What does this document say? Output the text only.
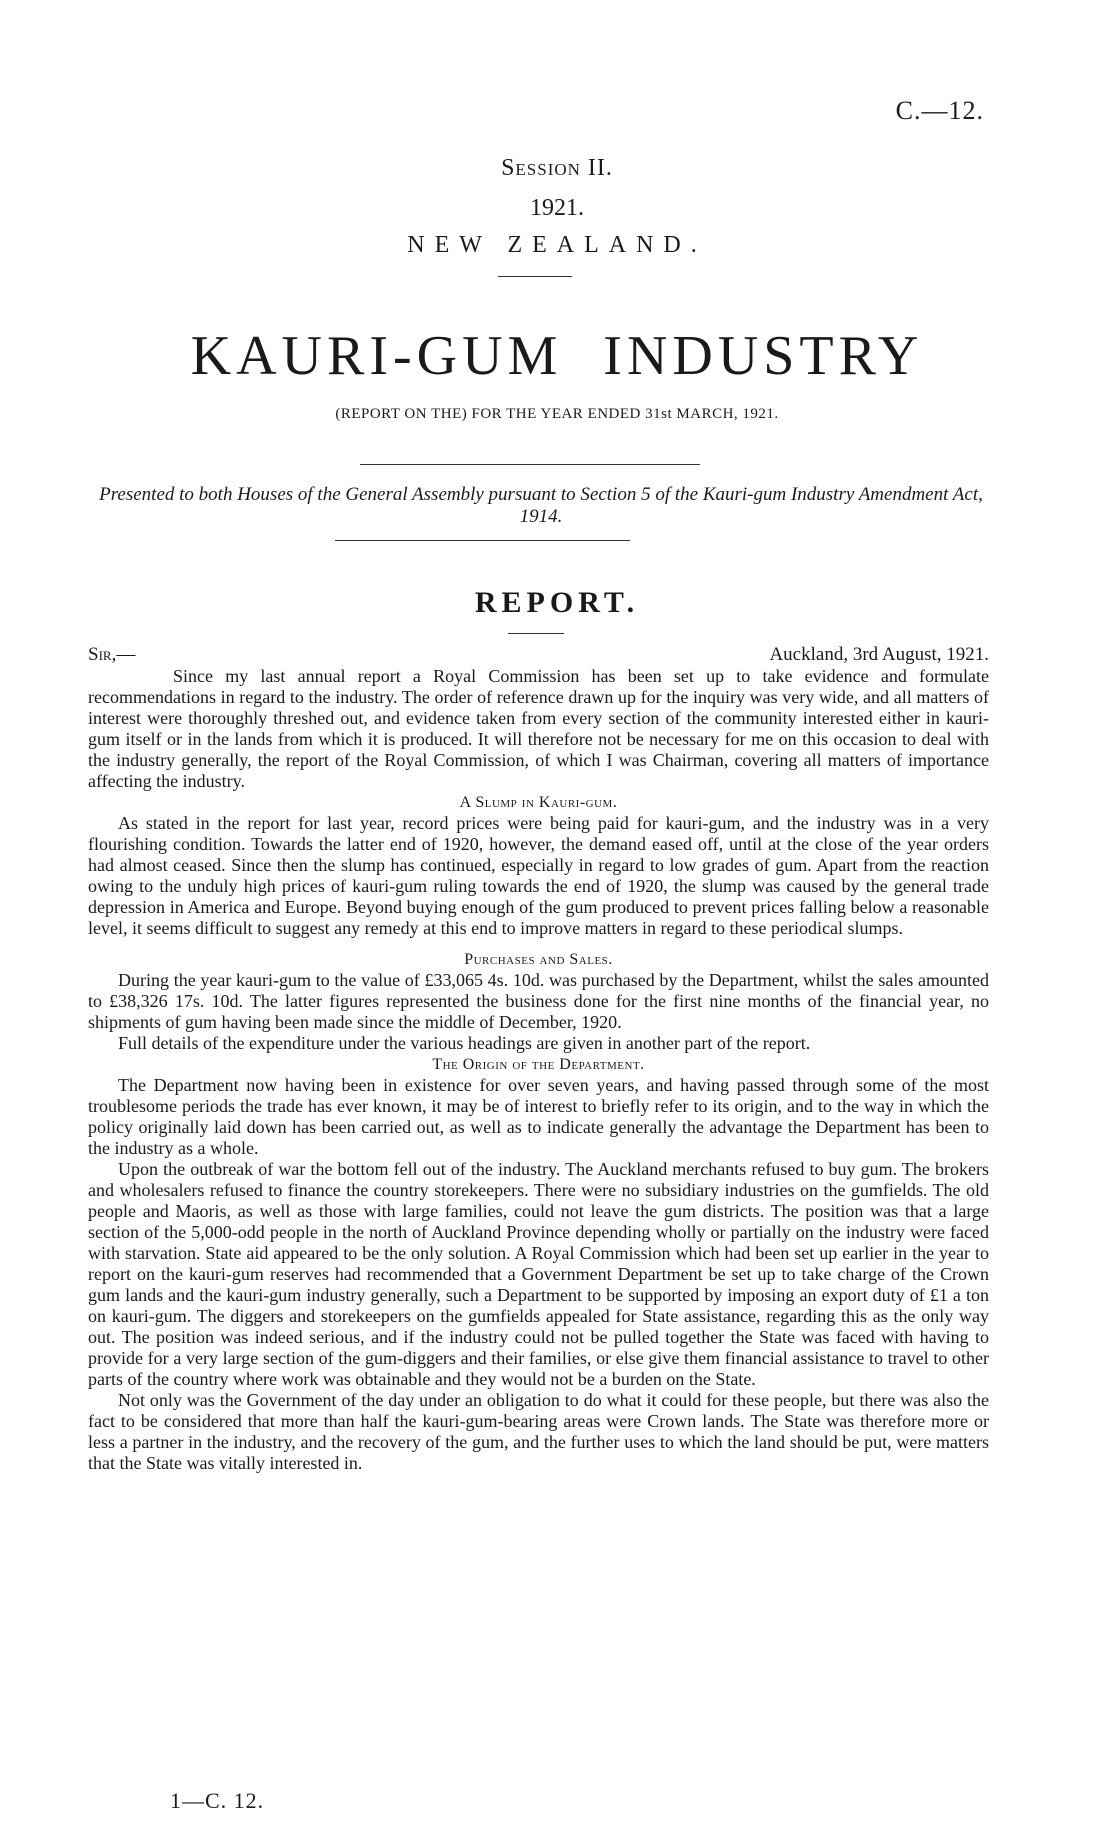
C.—12.
Session II.
1921.
NEW ZEALAND.
KAURI-GUM INDUSTRY
(REPORT ON THE) FOR THE YEAR ENDED 31st MARCH, 1921.
Presented to both Houses of the General Assembly pursuant to Section 5 of the Kauri-gum Industry Amendment Act, 1914.
REPORT.
Sir,—	Auckland, 3rd August, 1921.

Since my last annual report a Royal Commission has been set up to take evidence and formulate recommendations in regard to the industry. The order of reference drawn up for the inquiry was very wide, and all matters of interest were thoroughly threshed out, and evidence taken from every section of the community interested either in kauri-gum itself or in the lands from which it is produced. It will therefore not be necessary for me on this occasion to deal with the industry generally, the report of the Royal Commission, of which I was Chairman, covering all matters of importance affecting the industry.

A Slump in Kauri-gum.

As stated in the report for last year, record prices were being paid for kauri-gum, and the industry was in a very flourishing condition. Towards the latter end of 1920, however, the demand eased off, until at the close of the year orders had almost ceased. Since then the slump has continued, especially in regard to low grades of gum. Apart from the reaction owing to the unduly high prices of kauri-gum ruling towards the end of 1920, the slump was caused by the general trade depression in America and Europe. Beyond buying enough of the gum produced to prevent prices falling below a reasonable level, it seems difficult to suggest any remedy at this end to improve matters in regard to these periodical slumps.

Purchases and Sales.

During the year kauri-gum to the value of £33,065 4s. 10d. was purchased by the Department, whilst the sales amounted to £38,326 17s. 10d. The latter figures represented the business done for the first nine months of the financial year, no shipments of gum having been made since the middle of December, 1920.

Full details of the expenditure under the various headings are given in another part of the report.

The Origin of the Department.

The Department now having been in existence for over seven years, and having passed through some of the most troublesome periods the trade has ever known, it may be of interest to briefly refer to its origin, and to the way in which the policy originally laid down has been carried out, as well as to indicate generally the advantage the Department has been to the industry as a whole.

Upon the outbreak of war the bottom fell out of the industry. The Auckland merchants refused to buy gum. The brokers and wholesalers refused to finance the country storekeepers. There were no subsidiary industries on the gumfields. The old people and Maoris, as well as those with large families, could not leave the gum districts. The position was that a large section of the 5,000-odd people in the north of Auckland Province depending wholly or partially on the industry were faced with starvation. State aid appeared to be the only solution. A Royal Commission which had been set up earlier in the year to report on the kauri-gum reserves had recommended that a Government Department be set up to take charge of the Crown gum lands and the kauri-gum industry generally, such a Department to be supported by imposing an export duty of £1 a ton on kauri-gum. The diggers and storekeepers on the gumfields appealed for State assistance, regarding this as the only way out. The position was indeed serious, and if the industry could not be pulled together the State was faced with having to provide for a very large section of the gum-diggers and their families, or else give them financial assistance to travel to other parts of the country where work was obtainable and they would not be a burden on the State.

Not only was the Government of the day under an obligation to do what it could for these people, but there was also the fact to be considered that more than half the kauri-gum-bearing areas were Crown lands. The State was therefore more or less a partner in the industry, and the recovery of the gum, and the further uses to which the land should be put, were matters that the State was vitally interested in.

1—C. 12.
